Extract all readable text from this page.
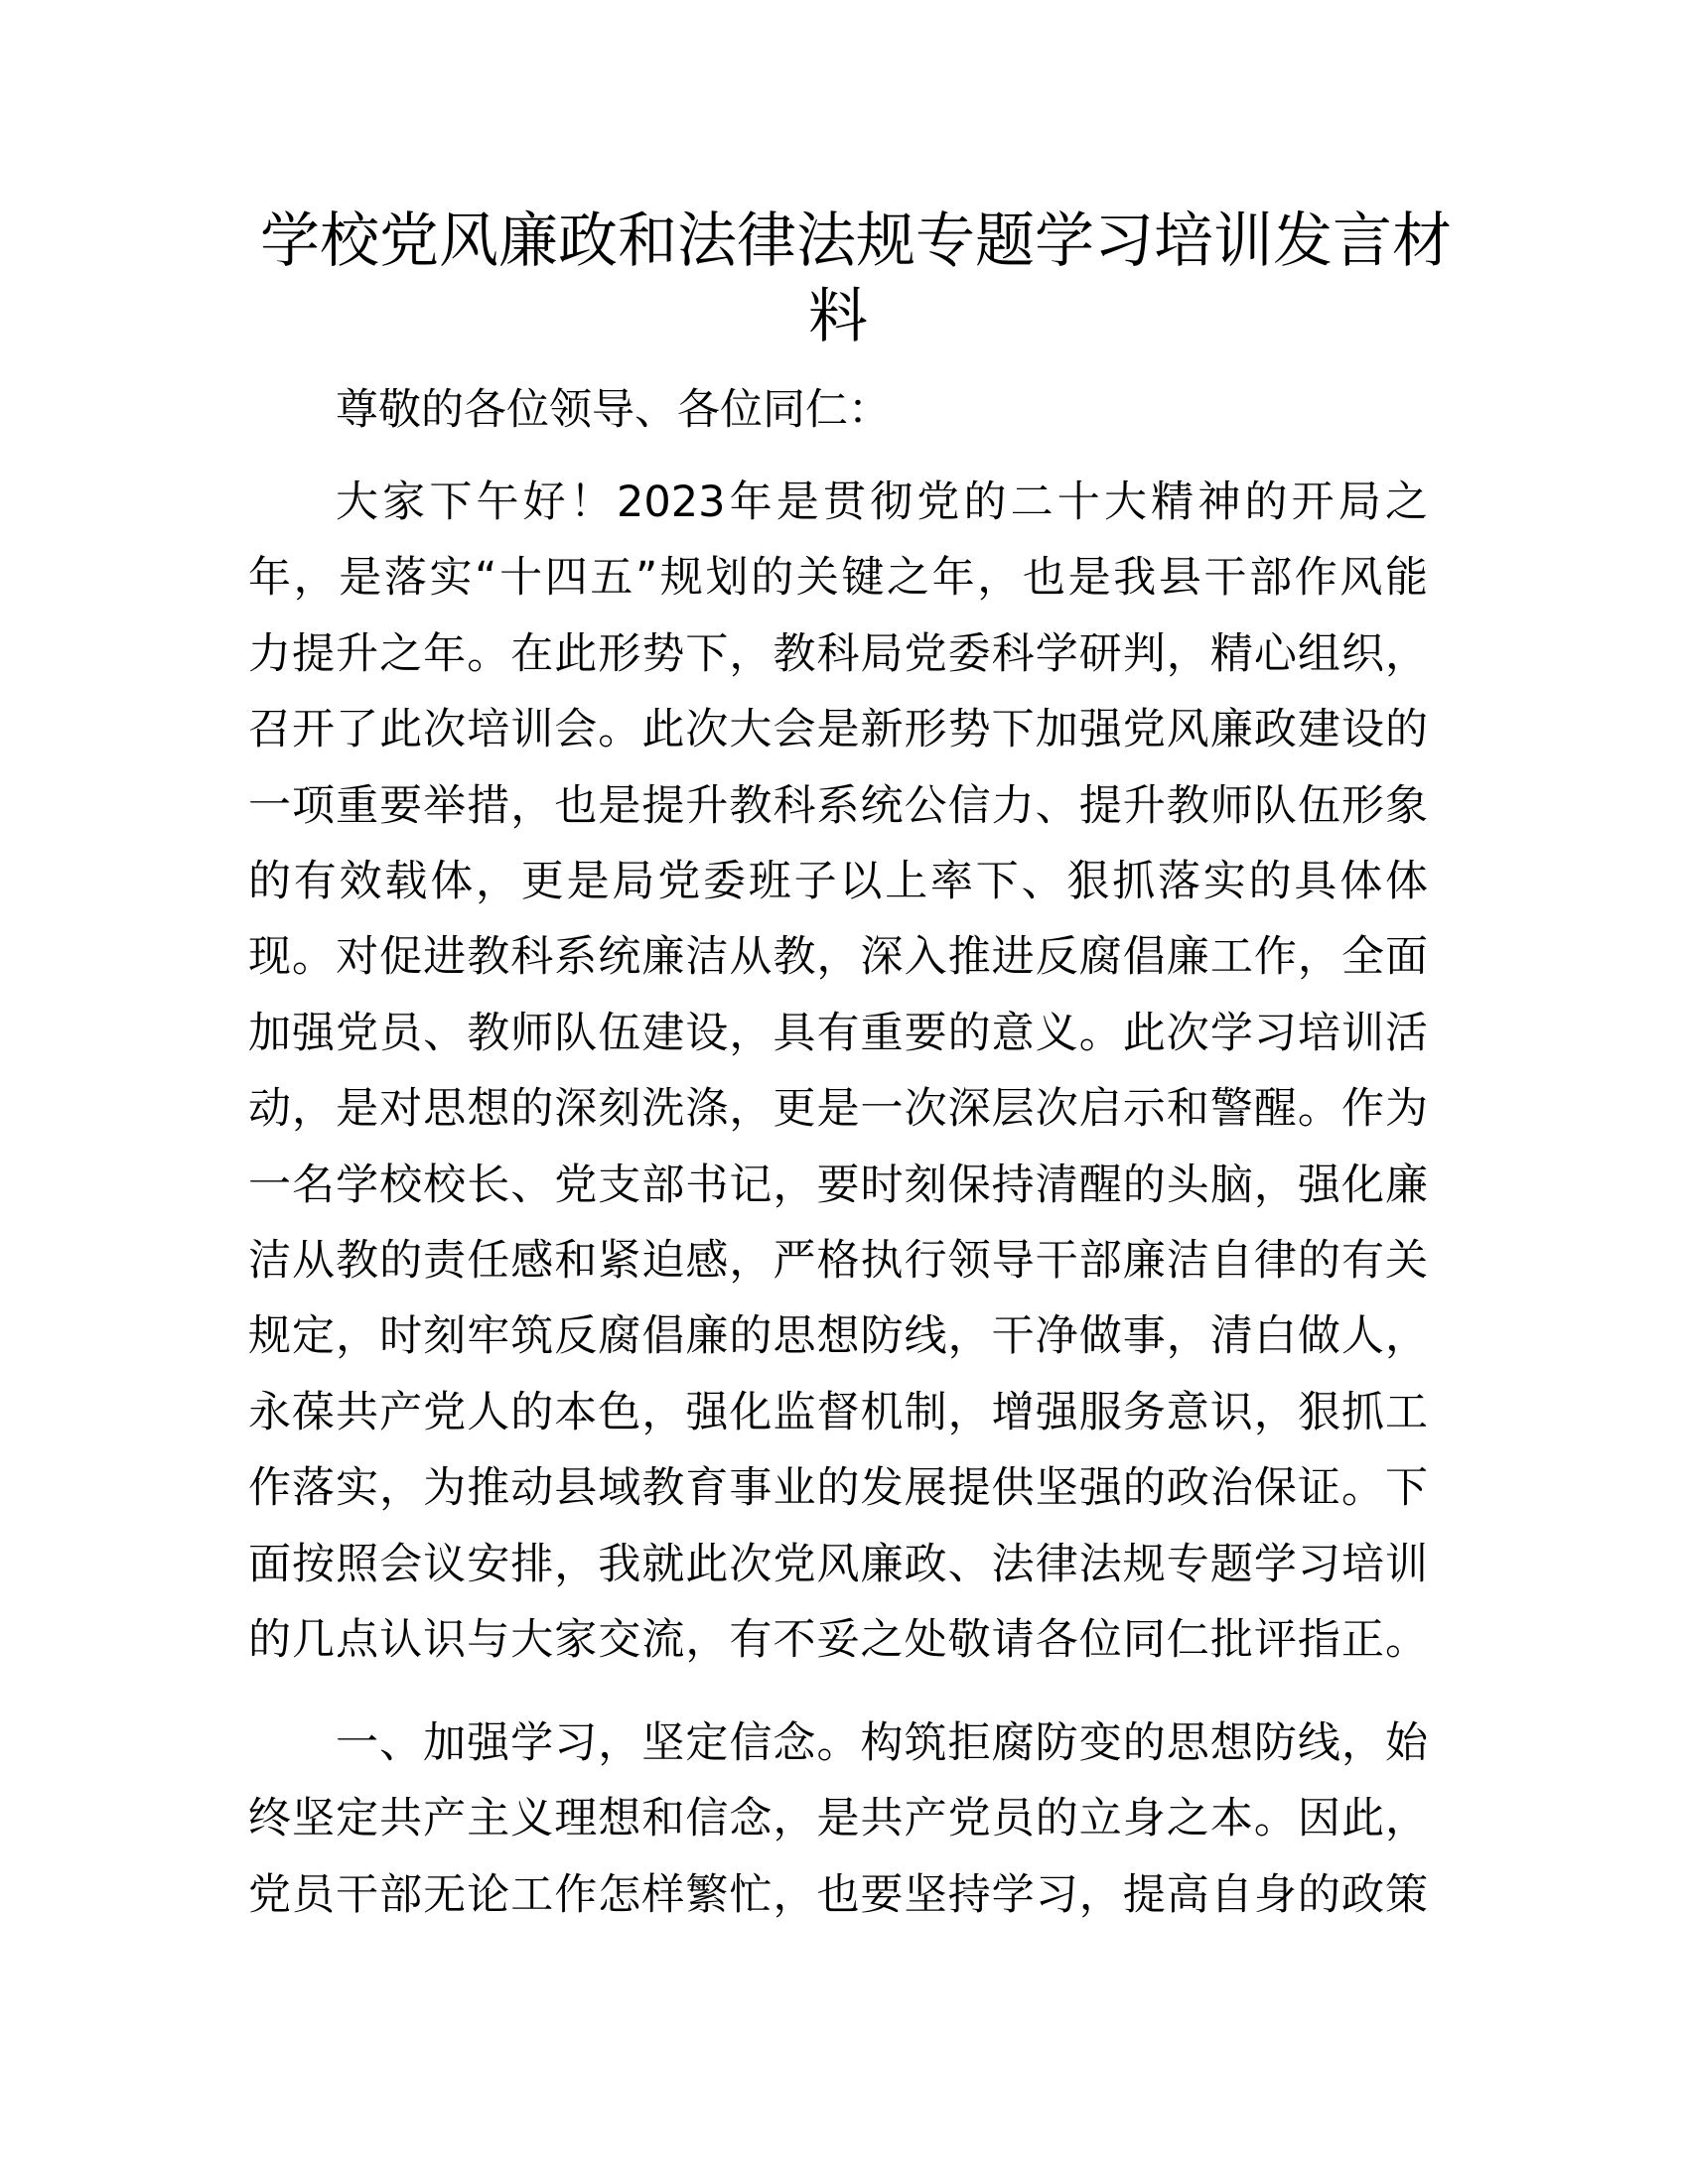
学校党风廉政和法律法规专题学习培训发言材
料
尊敬的各位领导、各位同仁：
大家下午好！2023年是贯彻党的二十大精神的开局之
年，是落实“十四五”规划的关键之年，也是我县干部作风能
力提升之年。在此形势下，教科局党委科学研判，精心组织，
召开了此次培训会。此次大会是新形势下加强党风廉政建设的
一项重要举措，也是提升教科系统公信力、提升教师队伍形象
的有效载体，更是局党委班子以上率下、狠抓落实的具体体
现。对促进教科系统廉洁从教，深入推进反腐倡廉工作，全面
加强党员、教师队伍建设，具有重要的意义。此次学习培训活
动，是对思想的深刻洗涤，更是一次深层次启示和警醒。作为
一名学校校长、党支部书记，要时刻保持清醒的头脑，强化廉
洁从教的责任感和紧迫感，严格执行领导干部廉洁自律的有关
规定，时刻牢筑反腐倡廉的思想防线，干净做事，清白做人，
永葆共产党人的本色，强化监督机制，增强服务意识，狠抓工
作落实，为推动县域教育事业的发展提供坚强的政治保证。下
面按照会议安排，我就此次党风廉政、法律法规专题学习培训
的几点认识与大家交流，有不妥之处敬请各位同仁批评指正。
一、加强学习，坚定信念。构筑拒腐防变的思想防线，始
终坚定共产主义理想和信念，是共产党员的立身之本。因此，
党员干部无论工作怎样繁忙，也要坚持学习，提高自身的政策
